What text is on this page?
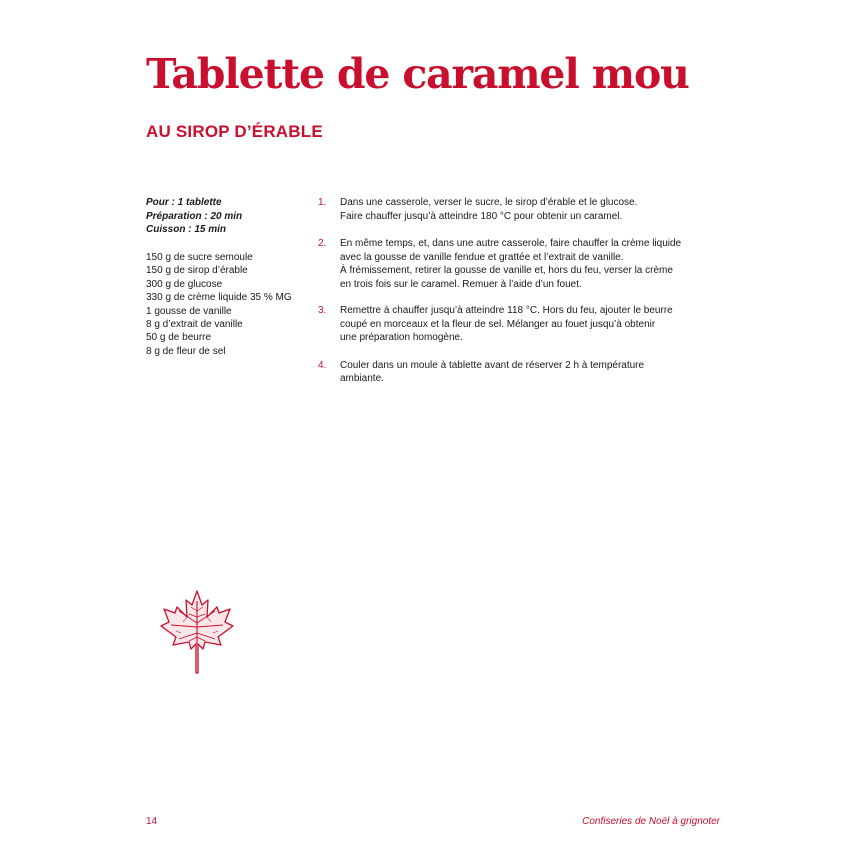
Tablette de caramel mou
AU SIROP D’ÉRABLE
Pour : 1 tablette
Préparation : 20 min
Cuisson : 15 min
150 g de sucre semoule
150 g de sirop d’érable
300 g de glucose
330 g de crème liquide 35 % MG
1 gousse de vanille
8 g d’extrait de vanille
50 g de beurre
8 g de fleur de sel
1. Dans une casserole, verser le sucre, le sirop d’érable et le glucose.
Faire chauffer jusqu’à atteindre 180 °C pour obtenir un caramel.
2. En même temps, et, dans une autre casserole, faire chauffer la crème liquide
avec la gousse de vanille fendue et grattée et l’extrait de vanille.
À frémissement, retirer la gousse de vanille et, hors du feu, verser la crème
en trois fois sur le caramel. Remuer à l’aide d’un fouet.
3. Remettre à chauffer jusqu’à atteindre 118 °C. Hors du feu, ajouter le beurre
coupé en morceaux et la fleur de sel. Mélanger au fouet jusqu’à obtenir
une préparation homogène.
4. Couler dans un moule à tablette avant de réserver 2 h à température
ambiante.
14	Confiseries de Noël à grignoter
